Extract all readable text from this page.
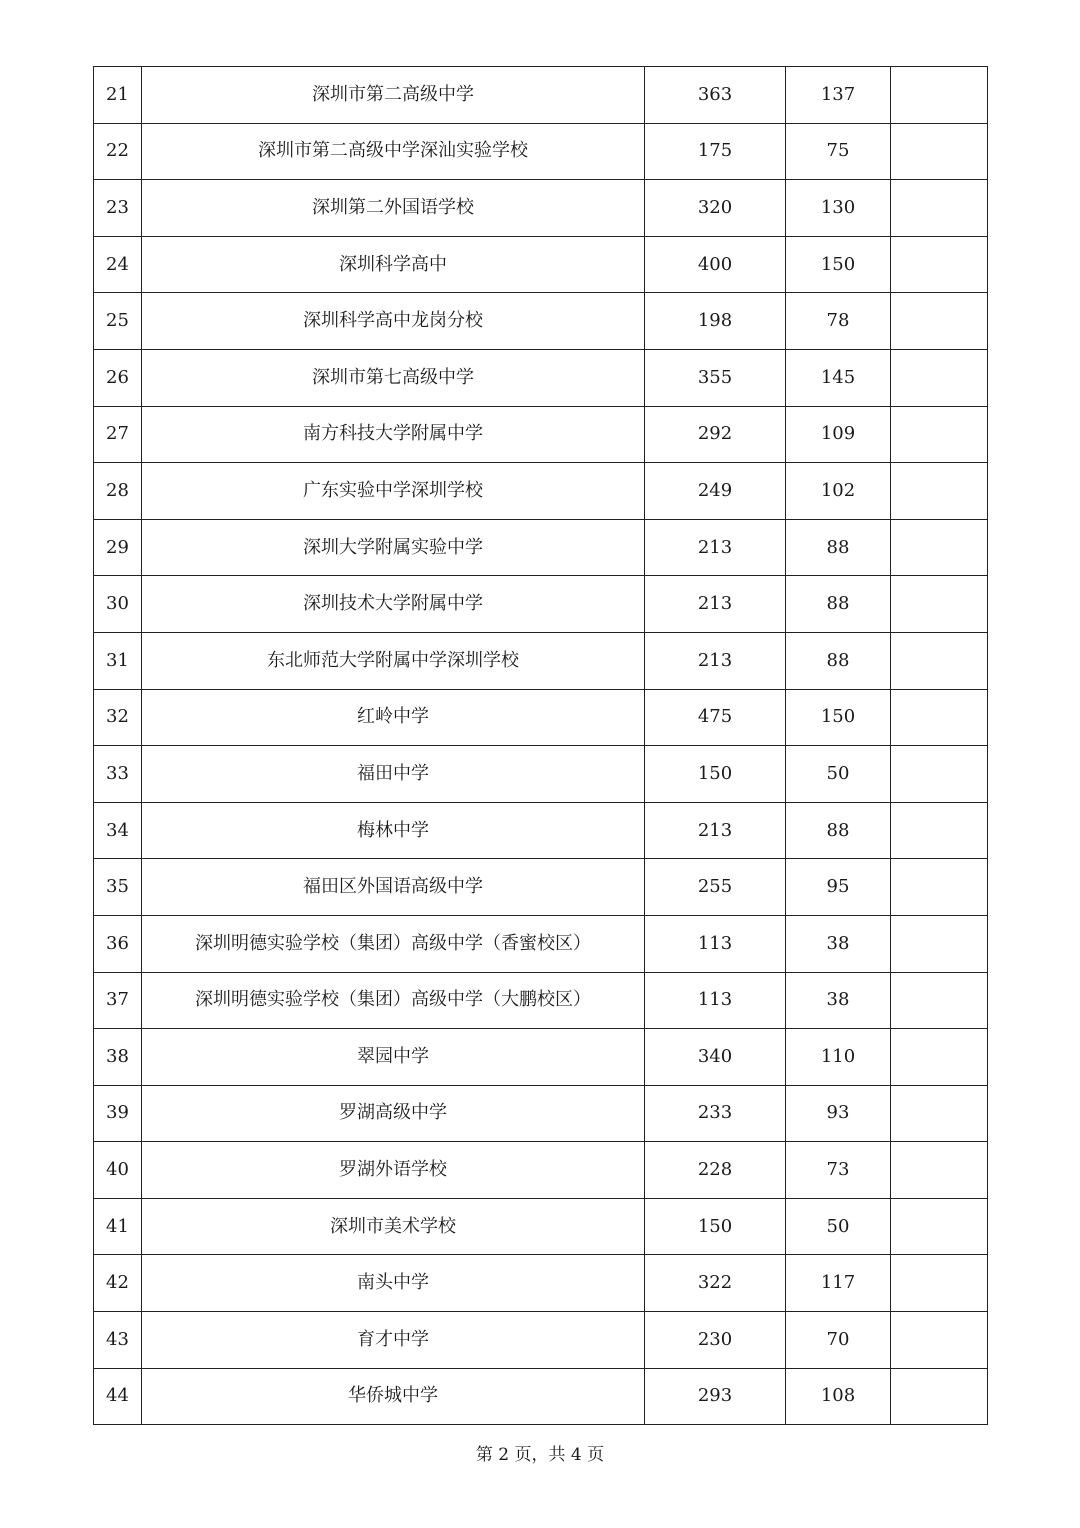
21	深圳市第二高级中学	363	137	
22	深圳市第二高级中学深汕实验学校	175	75	
23	深圳第二外国语学校	320	130	
24	深圳科学高中	400	150	
25	深圳科学高中龙岗分校	198	78	
26	深圳市第七高级中学	355	145	
27	南方科技大学附属中学	292	109	
28	广东实验中学深圳学校	249	102	
29	深圳大学附属实验中学	213	88	
30	深圳技术大学附属中学	213	88	
31	东北师范大学附属中学深圳学校	213	88	
32	红岭中学	475	150	
33	福田中学	150	50	
34	梅林中学	213	88	
35	福田区外国语高级中学	255	95	
36	深圳明德实验学校（集团）高级中学（香蜜校区）	113	38	
37	深圳明德实验学校（集团）高级中学（大鹏校区）	113	38	
38	翠园中学	340	110	
39	罗湖高级中学	233	93	
40	罗湖外语学校	228	73	
41	深圳市美术学校	150	50	
42	南头中学	322	117	
43	育才中学	230	70	
44	华侨城中学	293	108	
第 2 页，共 4 页
